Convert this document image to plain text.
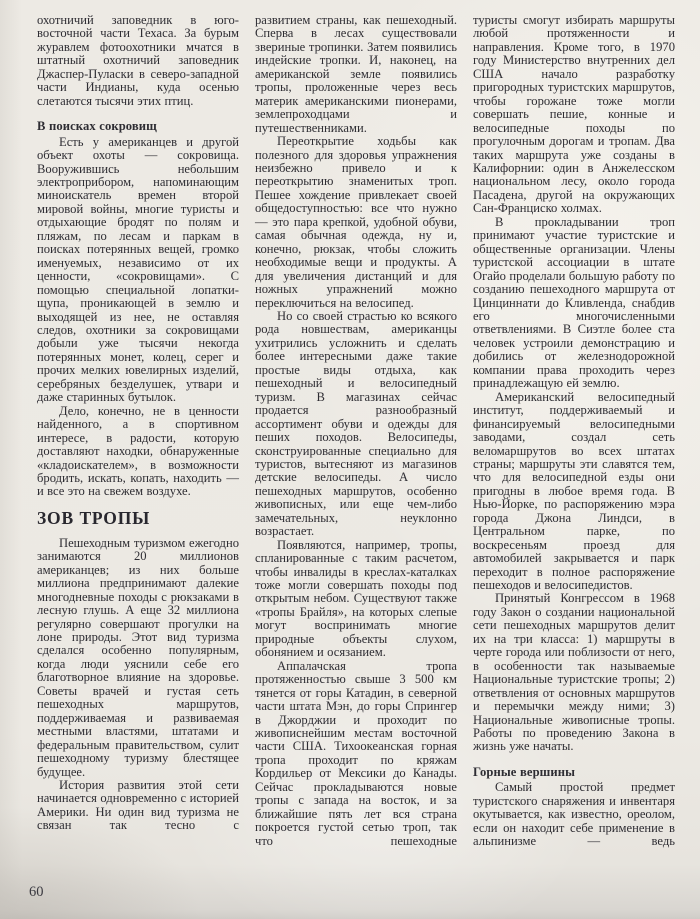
охотничий заповедник в юго-восточной части Техаса. За бурым журавлем фотоохотники мчатся в штатный охотничий заповедник Джаспер-Пуласки в северо-западной части Индианы, куда осенью слетаются тысячи этих птиц.

В поисках сокровищ

Есть у американцев и другой объект охоты — сокровища. Вооружившись небольшим электроприбором, напоминающим миноискатель времен второй мировой войны, многие туристы и отдыхающие бродят по полям и пляжам, по лесам и паркам в поисках потерянных вещей, громко именуемых, независимо от их ценности, «сокровищами». С помощью специальной лопатки-щупа, проникающей в землю и выходящей из нее, не оставляя следов, охотники за сокровищами добыли уже тысячи некогда потерянных монет, колец, серег и прочих мелких ювелирных изделий, серебряных безделушек, утвари и даже старинных бутылок.

Дело, конечно, не в ценности найденного, а в спортивном интересе, в радости, которую доставляют находки, обнаруженные «кладоискателем», в возможности бродить, искать, копать, находить — и все это на свежем воздухе.

ЗОВ ТРОПЫ

Пешеходным туризмом ежегодно занимаются 20 миллионов американцев; из них больше миллиона предпринимают далекие многодневные походы с рюкзаками в лесную глушь. А еще 32 миллиона регулярно совершают прогулки на лоне природы. Этот вид туризма сделался особенно популярным, когда люди уяснили себе его благотворное влияние на здоровье. Советы врачей и густая сеть пешеходных маршрутов, поддерживаемая и развиваемая местными властями, штатами и федеральным правительством, сулит пешеходному туризму блестящее будущее.

История развития этой сети начинается одновременно с историей Америки. Ни один вид туризма не связан так тесно с

развитием страны, как пешеходный. Сперва в лесах существовали звериные тропинки. Затем появились индейские тропки. И, наконец, на американской земле появились тропы, проложенные через весь материк американскими пионерами, землепроходцами и путешественниками.

Переоткрытие ходьбы как полезного для здоровья упражнения неизбежно привело и к переоткрытию знаменитых троп. Пешее хождение привлекает своей общедоступностью: все что нужно — это пара крепкой, удобной обуви, самая обычная одежда, ну и, конечно, рюкзак, чтобы сложить необходимые вещи и продукты. А для увеличения дистанций и для ножных упражнений можно переключиться на велосипед.

Но со своей страстью ко всякого рода новшествам, американцы ухитрились усложнить и сделать более интересными даже такие простые виды отдыха, как пешеходный и велосипедный туризм. В магазинах сейчас продается разнообразный ассортимент обуви и одежды для пеших походов. Велосипеды, сконструированные специально для туристов, вытесняют из магазинов детские велосипеды. А число пешеходных маршрутов, особенно живописных, или еще чем-либо замечательных, неуклонно возрастает.

Появляются, например, тропы, спланированные с таким расчетом, чтобы инвалиды в креслах-каталках тоже могли совершать походы под открытым небом. Существуют также «тропы Брайля», на которых слепые могут воспринимать многие природные объекты слухом, обонянием и осязанием.

Аппалачская тропа протяженностью свыше 3 500 км тянется от горы Катадин, в северной части штата Мэн, до горы Спрингер в Джорджии и проходит по живописнейшим местам восточной части США. Тихоокеанская горная тропа проходит по кряжам Кордильер от Мексики до Канады. Сейчас прокладываются новые тропы с запада на восток, и за ближайшие пять лет вся страна покроется густой сетью троп, так что пешеходные

туристы смогут избирать маршруты любой протяженности и направления. Кроме того, в 1970 году Министерство внутренних дел США начало разработку пригородных туристских маршрутов, чтобы горожане тоже могли совершать пешие, конные и велосипедные походы по прогулочным дорогам и тропам. Два таких маршрута уже созданы в Калифорнии: один в Анжелесском национальном лесу, около города Пасадена, другой на окружающих Сан-Франциско холмах.

В прокладывании троп принимают участие туристские и общественные организации. Члены туристской ассоциации в штате Огайо проделали большую работу по созданию пешеходного маршрута от Цинциннати до Кливленда, снабдив его многочисленными ответвлениями. В Сиэтле более ста человек устроили демонстрацию и добились от железнодорожной компании права проходить через принадлежащую ей землю.

Американский велосипедный институт, поддерживаемый и финансируемый велосипедными заводами, создал сеть веломаршрутов во всех штатах страны; маршруты эти славятся тем, что для велосипедной езды они пригодны в любое время года. В Нью-Йорке, по распоряжению мэра города Джона Линдси, в Центральном парке, по воскресеньям проезд для автомобилей закрывается и парк переходит в полное распоряжение пешеходов и велосипедистов.

Принятый Конгрессом в 1968 году Закон о создании национальной сети пешеходных маршрутов делит их на три класса: 1) маршруты в черте города или поблизости от него, в особенности так называемые Национальные туристские тропы; 2) ответвления от основных маршрутов и перемычки между ними; 3) Национальные живописные тропы. Работы по проведению Закона в жизнь уже начаты.

Горные вершины

Самый простой предмет туристского снаряжения и инвентаря окутывается, как известно, ореолом, если он находит себе применение в альпинизме — ведь

60
